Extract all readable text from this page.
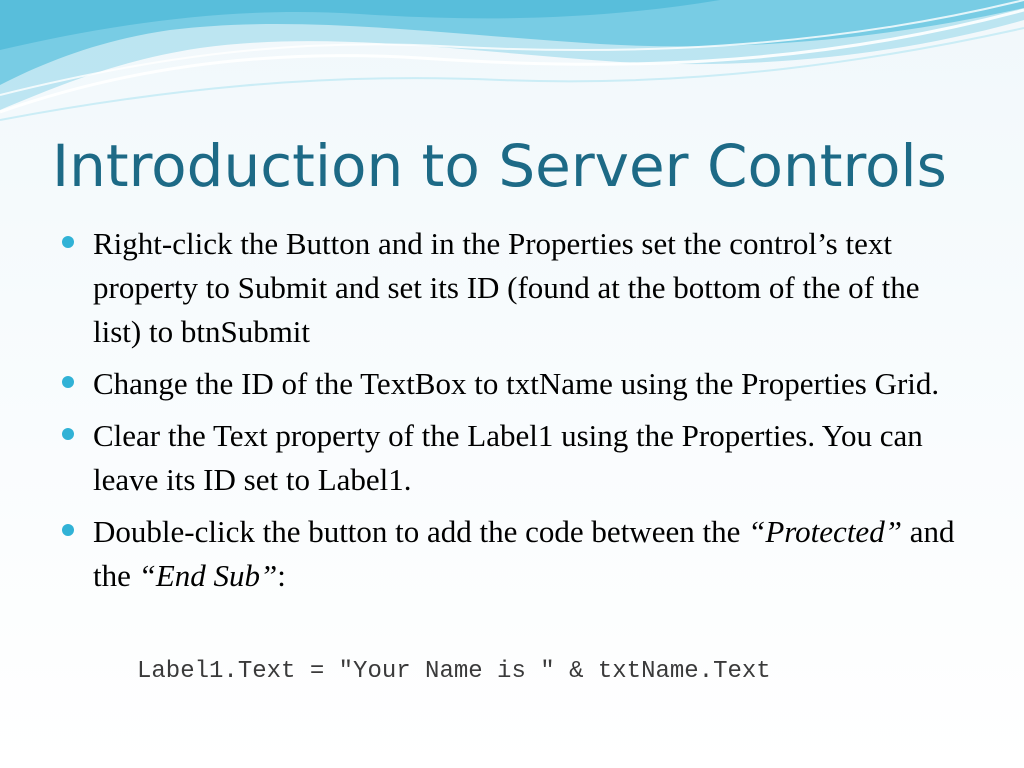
Introduction to Server Controls
Right-click the Button and in the Properties set the control’s text property to Submit and set its ID (found at the bottom of the of the list) to btnSubmit
Change the ID of the TextBox to txtName using the Properties Grid.
Clear the Text property of the Label1 using the Properties. You can leave its ID set to Label1.
Double-click the button to add the code between the “Protected” and the “End Sub”:
Label1.Text = "Your Name is " & txtName.Text
